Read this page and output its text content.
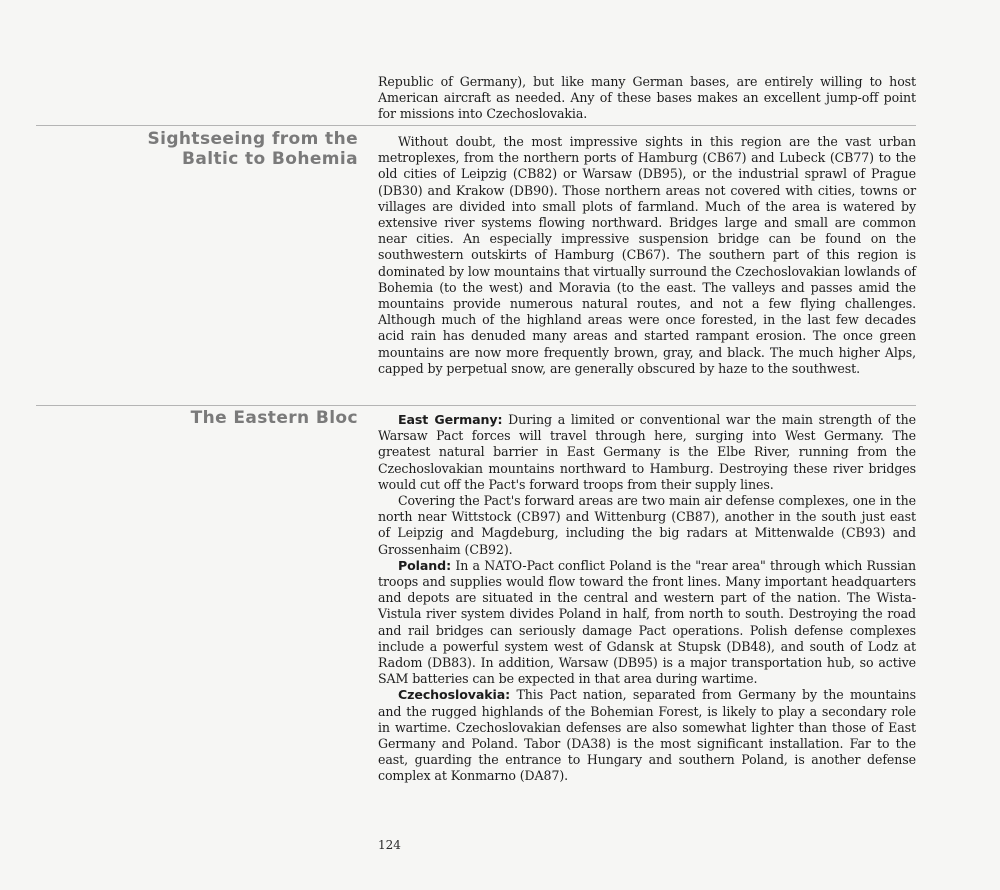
Republic of Germany), but like many German bases, are entirely willing to host American aircraft as needed. Any of these bases makes an excellent jump-off point for missions into Czechoslovakia.

Sightseeing from the
Baltic to Bohemia

Without doubt, the most impressive sights in this region are the vast urban metroplexes, from the northern ports of Hamburg (CB67) and Lubeck (CB77) to the old cities of Leipzig (CB82) or Warsaw (DB95), or the industrial sprawl of Prague (DB30) and Krakow (DB90). Those northern areas not covered with cities, towns or villages are divided into small plots of farmland. Much of the area is watered by extensive river systems flowing northward. Bridges large and small are common near cities. An especially impressive suspension bridge can be found on the southwestern outskirts of Hamburg (CB67). The southern part of this region is dominated by low mountains that virtually surround the Czechoslovakian lowlands of Bohemia (to the west) and Moravia (to the east. The valleys and passes amid the mountains provide numerous natural routes, and not a few flying challenges. Although much of the highland areas were once forested, in the last few decades acid rain has denuded many areas and started rampant erosion. The once green mountains are now more frequently brown, gray, and black. The much higher Alps, capped by perpetual snow, are generally obscured by haze to the southwest.

The Eastern Bloc	East Germany: During a limited or conventional war the main strength of the Warsaw Pact forces will travel through here, surging into West Germany. The greatest natural barrier in East Germany is the Elbe River, running from the Czechoslovakian mountains northward to Hamburg. Destroying these river bridges would cut off the Pact's forward troops from their supply lines.

Covering the Pact's forward areas are two main air defense complexes, one in the north near Wittstock (CB97) and Wittenburg (CB87), another in the south just east of Leipzig and Magdeburg, including the big radars at Mittenwalde (CB93) and Grossenhaim (CB92).

Poland: In a NATO-Pact conflict Poland is the "rear area" through which Russian troops and supplies would flow toward the front lines. Many important headquarters and depots are situated in the central and western part of the nation. The Wista-Vistula river system divides Poland in half, from north to south. Destroying the road and rail bridges can seriously damage Pact operations. Polish defense complexes include a powerful system west of Gdansk at Stupsk (DB48), and south of Lodz at Radom (DB83). In addition, Warsaw (DB95) is a major transportation hub, so active SAM batteries can be expected in that area during wartime.

Czechoslovakia: This Pact nation, separated from Germany by the mountains and the rugged highlands of the Bohemian Forest, is likely to play a secondary role in wartime. Czechoslovakian defenses are also somewhat lighter than those of East Germany and Poland. Tabor (DA38) is the most significant installation. Far to the east, guarding the entrance to Hungary and southern Poland, is another defense complex at Konmarno (DA87).

124
